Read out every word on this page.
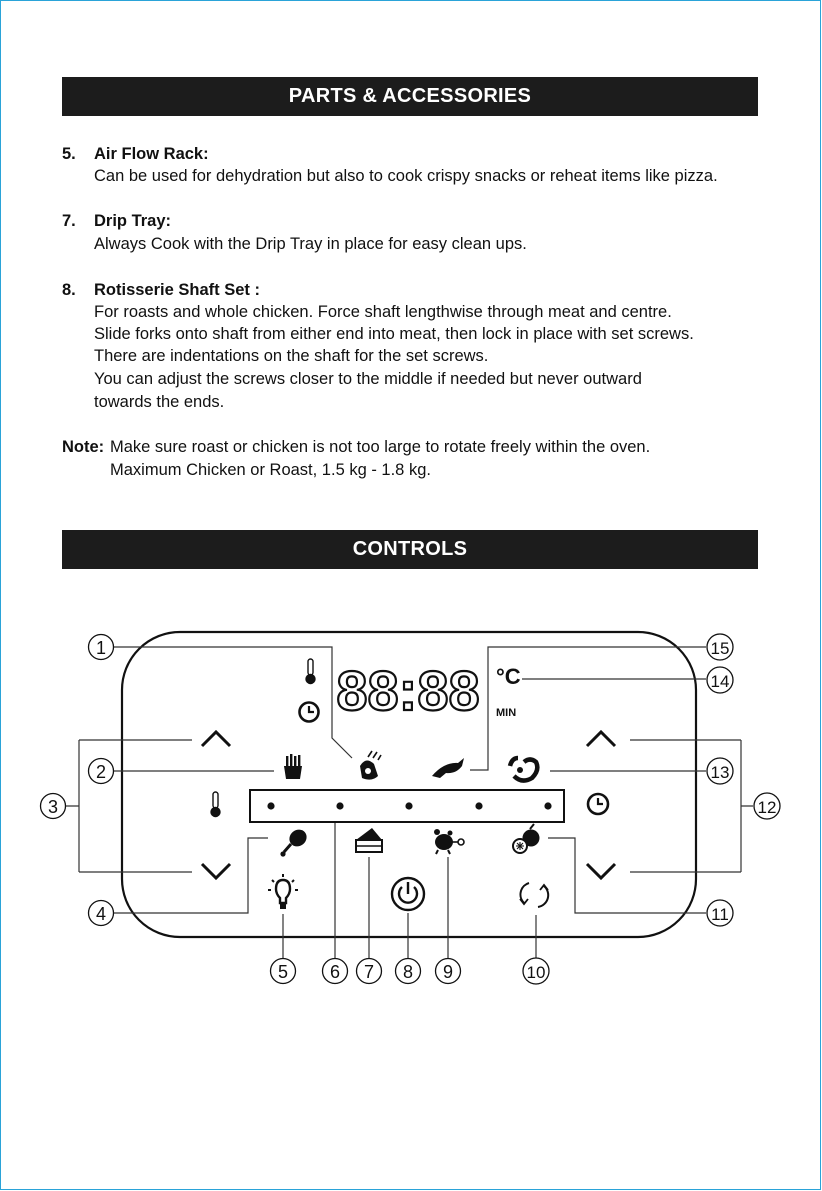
PARTS & ACCESSORIES
5. Air Flow Rack:
Can be used for dehydration but also to cook crispy snacks or reheat items like pizza.
7. Drip Tray:
Always Cook with the Drip Tray in place for easy clean ups.
8. Rotisserie Shaft Set :
For roasts and whole chicken. Force shaft lengthwise through meat and centre.
Slide forks onto shaft from either end into meat, then lock in place with set screws.
There are indentations on the shaft for the set screws.
You can adjust the screws closer to the middle if needed but never outward
towards the ends.
Note: Make sure roast or chicken is not too large to rotate freely within the oven.
Maximum Chicken or Roast, 1.5 kg - 1.8 kg.
CONTROLS
88:88 °C
MIN
1
2
3
4
5 6 7 8 9	10
11
12
13
14
15
